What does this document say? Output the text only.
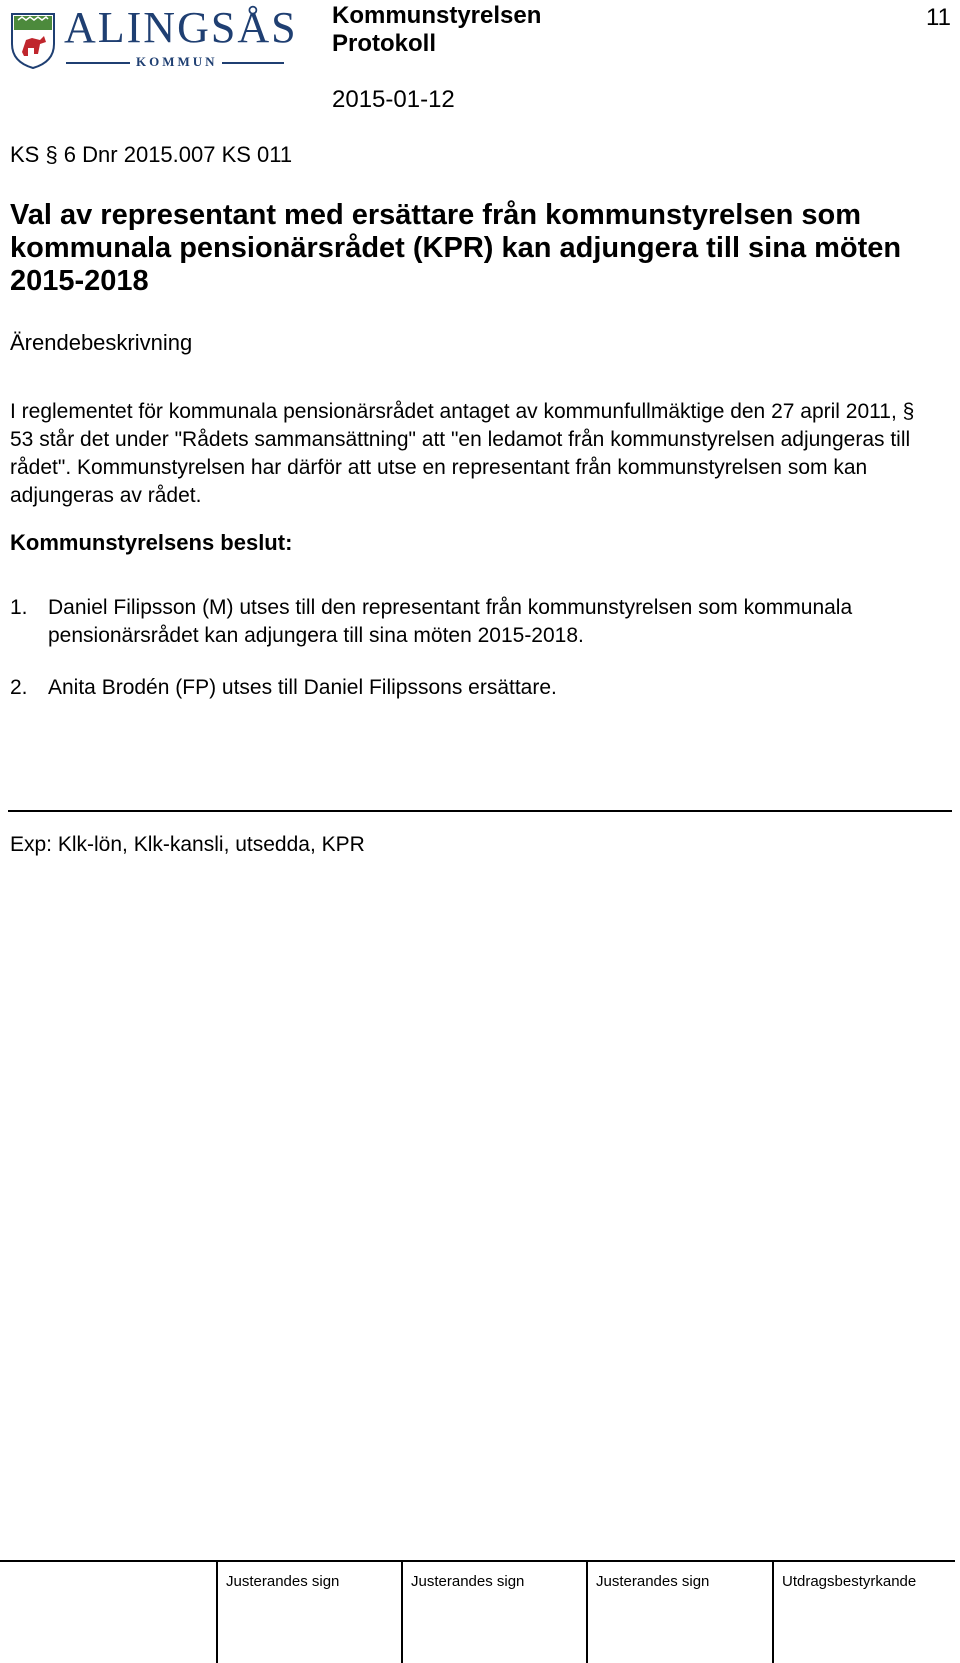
ALINGSÅS
KOMMUN
Kommunstyrelsen
Protokoll
2015-01-12
11
KS § 6 Dnr 2015.007 KS 011
Val av representant med ersättare från kommunstyrelsen som kommunala pensionärsrådet (KPR) kan adjungera till sina möten 2015-2018
Ärendebeskrivning
I reglementet för kommunala pensionärsrådet antaget av kommunfullmäktige den 27 april 2011, § 53 står det under "Rådets sammansättning" att "en ledamot från kommunstyrelsen adjungeras till rådet". Kommunstyrelsen har därför att utse en representant från kommunstyrelsen som kan adjungeras av rådet.
Kommunstyrelsens beslut:
1. Daniel Filipsson (M) utses till den representant från kommunstyrelsen som kommunala pensionärsrådet kan adjungera till sina möten 2015-2018.
2. Anita Brodén (FP) utses till Daniel Filipssons ersättare.
Exp: Klk-lön, Klk-kansli, utsedda, KPR
Justerandes sign	Justerandes sign	Justerandes sign	Utdragsbestyrkande
